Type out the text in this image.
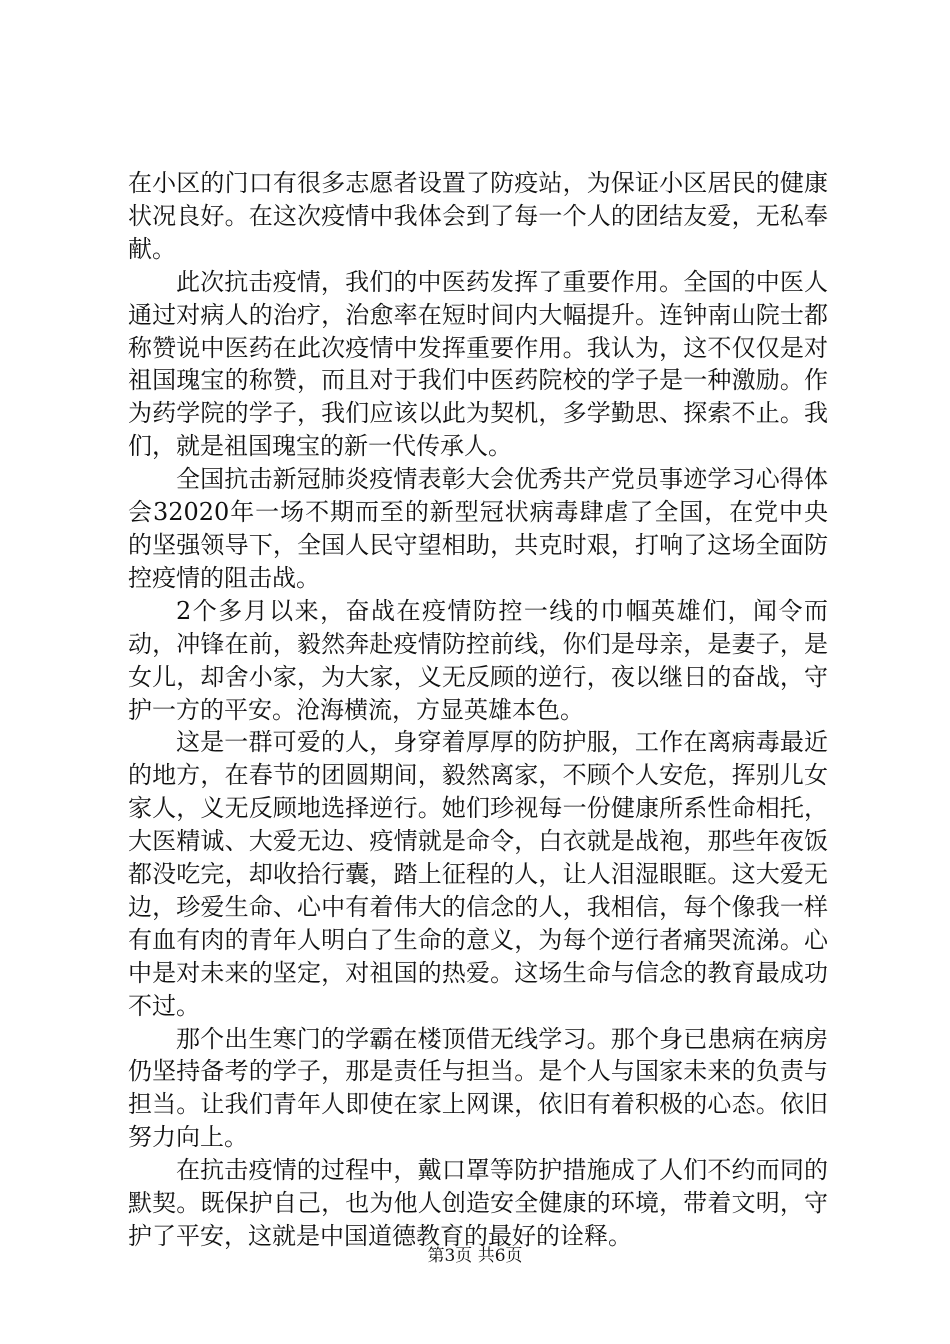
在小区的门口有很多志愿者设置了防疫站，为保证小区居民的健康状况良好。在这次疫情中我体会到了每一个人的团结友爱，无私奉献。

此次抗击疫情，我们的中医药发挥了重要作用。全国的中医人通过对病人的治疗，治愈率在短时间内大幅提升。连钟南山院士都称赞说中医药在此次疫情中发挥重要作用。我认为，这不仅仅是对祖国瑰宝的称赞，而且对于我们中医药院校的学子是一种激励。作为药学院的学子，我们应该以此为契机，多学勤思、探索不止。我们，就是祖国瑰宝的新一代传承人。

全国抗击新冠肺炎疫情表彰大会优秀共产党员事迹学习心得体会32020年一场不期而至的新型冠状病毒肆虐了全国，在党中央的坚强领导下，全国人民守望相助，共克时艰，打响了这场全面防控疫情的阻击战。

2个多月以来，奋战在疫情防控一线的巾帼英雄们，闻令而动，冲锋在前，毅然奔赴疫情防控前线，你们是母亲，是妻子，是女儿，却舍小家，为大家，义无反顾的逆行，夜以继日的奋战，守护一方的平安。沧海横流，方显英雄本色。

这是一群可爱的人，身穿着厚厚的防护服，工作在离病毒最近的地方，在春节的团圆期间，毅然离家，不顾个人安危，挥别儿女家人，义无反顾地选择逆行。她们珍视每一份健康所系性命相托，大医精诚、大爱无边、疫情就是命令，白衣就是战袍，那些年夜饭都没吃完，却收拾行囊，踏上征程的人，让人泪湿眼眶。这大爱无边，珍爱生命、心中有着伟大的信念的人，我相信，每个像我一样有血有肉的青年人明白了生命的意义，为每个逆行者痛哭流涕。心中是对未来的坚定，对祖国的热爱。这场生命与信念的教育最成功不过。

那个出生寒门的学霸在楼顶借无线学习。那个身已患病在病房仍坚持备考的学子，那是责任与担当。是个人与国家未来的负责与担当。让我们青年人即使在家上网课，依旧有着积极的心态。依旧努力向上。

在抗击疫情的过程中，戴口罩等防护措施成了人们不约而同的默契。既保护自己，也为他人创造安全健康的环境，带着文明，守护了平安，这就是中国道德教育的最好的诠释。

第3页 共6页
